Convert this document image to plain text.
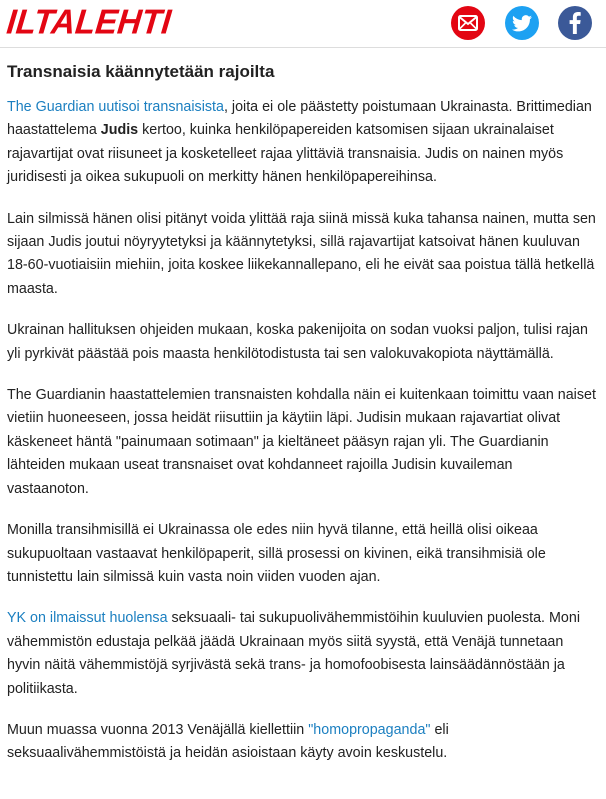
ILTALEHTI
Transnaisia käännytetään rajoilta

The Guardian uutisoi transnaisista, joita ei ole päästetty poistumaan Ukrainasta. Brittimedian haastattelema Judis kertoo, kuinka henkilöpapereiden katsomisen sijaan ukrainalaiset rajavartijat ovat riisuneet ja kosketelleet rajaa ylittäviä transnaisia. Judis on nainen myös juridisesti ja oikea sukupuoli on merkitty hänen henkilöpapereihinsa.

Lain silmissä hänen olisi pitänyt voida ylittää raja siinä missä kuka tahansa nainen, mutta sen sijaan Judis joutui nöyryytetyksi ja käännytetyksi, sillä rajavartijat katsoivat hänen kuuluvan 18-60-vuotiaisiin miehiin, joita koskee liikekannallepano, eli he eivät saa poistua tällä hetkellä maasta.

Ukrainan hallituksen ohjeiden mukaan, koska pakenijoita on sodan vuoksi paljon, tulisi rajan yli pyrkivät päästää pois maasta henkilötodistusta tai sen valokuvakopiota näyttämällä.

The Guardianin haastattelemien transnaisten kohdalla näin ei kuitenkaan toimittu vaan naiset vietiin huoneeseen, jossa heidät riisuttiin ja käytiin läpi. Judisin mukaan rajavartiat olivat käskeneet häntä "painumaan sotimaan" ja kieltäneet pääsyn rajan yli. The Guardianin lähteiden mukaan useat transnaiset ovat kohdanneet rajoilla Judisin kuvaileman vastaanoton.

Monilla transihmisillä ei Ukrainassa ole edes niin hyvä tilanne, että heillä olisi oikeaa sukupuoltaan vastaavat henkilöpaperit, sillä prosessi on kivinen, eikä transihmisiä ole tunnistettu lain silmissä kuin vasta noin viiden vuoden ajan.

YK on ilmaissut huolensa seksuaali- tai sukupuolivähemmistöihin kuuluvien puolesta. Moni vähemmistön edustaja pelkää jäädä Ukrainaan myös siitä syystä, että Venäjä tunnetaan hyvin näitä vähemmistöjä syrjivästä sekä trans- ja homofoobisesta lainsäädännöstään ja politiikasta.

Muun muassa vuonna 2013 Venäjällä kiellettiin "homopropaganda" eli seksuaalivähemmistöistä ja heidän asioistaan käyty avoin keskustelu.
